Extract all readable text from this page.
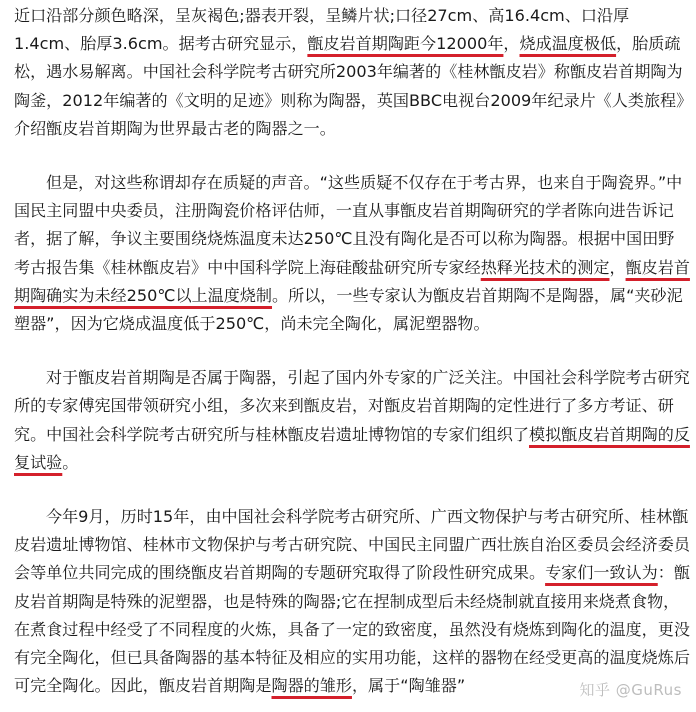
近口沿部分颜色略深，呈灰褐色;器表开裂，呈鳞片状;口径27cm、高16.4cm、口沿厚1.4cm、胎厚3.6cm。据考古研究显示，甑皮岩首期陶距今12000年，烧成温度极低，胎质疏松，遇水易解离。中国社会科学院考古研究所2003年编著的《桂林甑皮岩》称甑皮岩首期陶为陶釜，2012年编著的《文明的足迹》则称为陶器，英国BBC电视台2009年纪录片《人类旅程》介绍甑皮岩首期陶为世界最古老的陶器之一。

但是，对这些称谓却存在质疑的声音。“这些质疑不仅存在于考古界，也来自于陶瓷界。”中国民主同盟中央委员，注册陶瓷价格评估师，一直从事甑皮岩首期陶研究的学者陈向进告诉记者，据了解，争议主要围绕烧炼温度未达250℃且没有陶化是否可以称为陶器。根据中国田野考古报告集《桂林甑皮岩》中中国科学院上海硅酸盐研究所专家经热释光技术的测定，甑皮岩首期陶确实为未经250℃以上温度烧制。所以，一些专家认为甑皮岩首期陶不是陶器，属“夹砂泥塑器”，因为它烧成温度低于250℃，尚未完全陶化，属泥塑器物。

对于甑皮岩首期陶是否属于陶器，引起了国内外专家的广泛关注。中国社会科学院考古研究所的专家傅宪国带领研究小组，多次来到甑皮岩，对甑皮岩首期陶的定性进行了多方考证、研究。中国社会科学院考古研究所与桂林甑皮岩遗址博物馆的专家们组织了模拟甑皮岩首期陶的反复试验。

今年9月，历时15年，由中国社会科学院考古研究所、广西文物保护与考古研究所、桂林甑皮岩遗址博物馆、桂林市文物保护与考古研究院、中国民主同盟广西壮族自治区委员会经济委员会等单位共同完成的围绕甑皮岩首期陶的专题研究取得了阶段性研究成果。专家们一致认为：甑皮岩首期陶是特殊的泥塑器，也是特殊的陶器;它在捏制成型后未经烧制就直接用来烧煮食物，在煮食过程中经受了不同程度的火炼，具备了一定的致密度，虽然没有烧炼到陶化的温度，更没有完全陶化，但已具备陶器的基本特征及相应的实用功能，这样的器物在经受更高的温度烧炼后可完全陶化。因此，甑皮岩首期陶是陶器的雏形，属于“陶雏器”	知乎 @GuRus
